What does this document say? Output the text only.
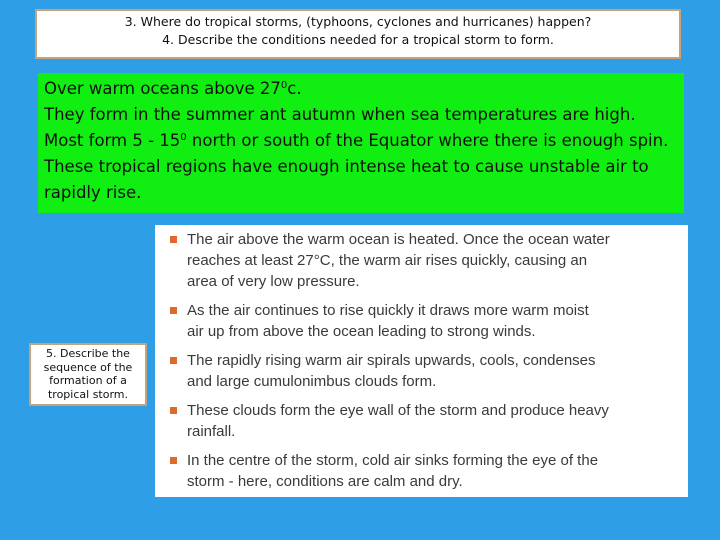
3. Where do tropical storms, (typhoons, cyclones and hurricanes) happen?
4. Describe the conditions needed for a tropical storm to form.
Over warm oceans above $27^0c$.
They form in the summer ant autumn when sea temperatures are high.
Most form $5 - 15^0$ north or south of the Equator where there is enough spin.
These tropical regions have enough intense heat to cause unstable air to
rapidly rise.
5. Describe the
sequence of the
formation of a
tropical storm.
The air above the warm ocean is heated. Once the ocean water
reaches at least 27°C, the warm air rises quickly, causing an
area of very low pressure.
As the air continues to rise quickly it draws more warm moist
air up from above the ocean leading to strong winds.
The rapidly rising warm air spirals upwards, cools, condenses
and large cumulonimbus clouds form.
These clouds form the eye wall of the storm and produce heavy
rainfall.
In the centre of the storm, cold air sinks forming the eye of the
storm - here, conditions are calm and dry.
